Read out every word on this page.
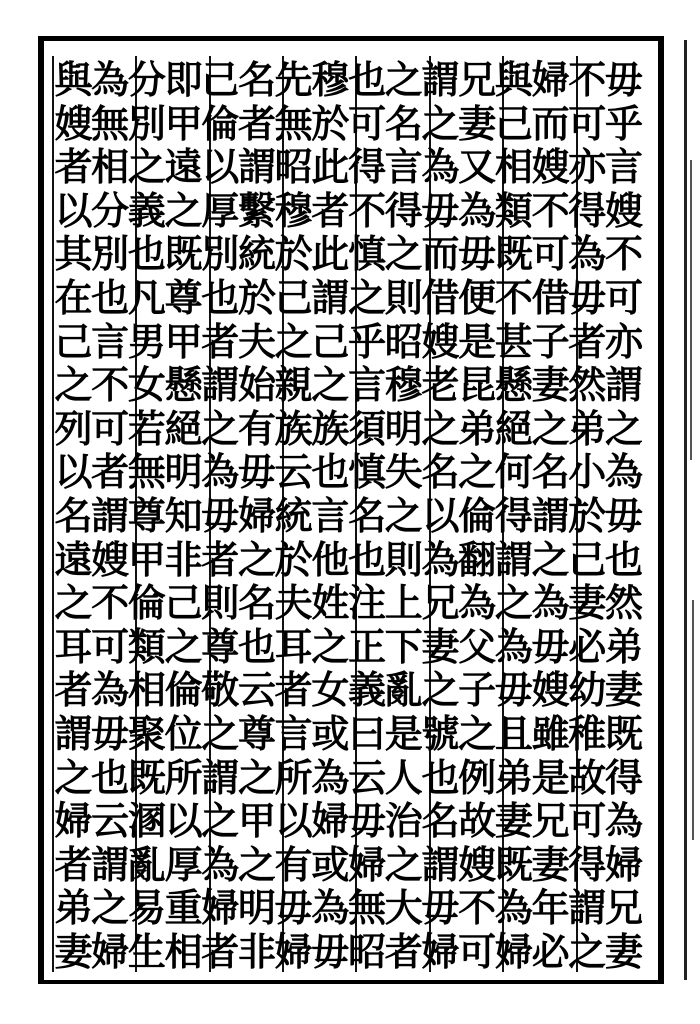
毋
乎
言
嫂
不
可
亦
謂
之
為
毋
也
然
弟
妻
既
得
為
婦
兄
妻
不
可
亦
得
為
毋
者
然
弟
小
於
己
妻
必
幼
稚
故
可
得
謂
之
婦
而
嫂
不
可
借
子
妻
之
名
謂
之
為
毋
嫂
雖
是
兄
妻
年
必
與
己
相
類
既
不
甚
懸
絕
何
得
謂
之
為
毋
且
弟
妻
既
為
婦
兄
妻
又
為
毋
便
是
昆
弟
之
倫
翻
為
父
子
之
例
故
嫂
不
可
謂
之
為
毋
而
借
嫂
老
之
名
以
為
兄
妻
之
號
也
名
謂
毋
婦
之
名
言
得
之
則
昭
穆
明
失
之
則
上
下
亂
是
人
治
之
大
者
也
可
得
不
慎
之
乎
言
須
慎
名
也
注
正
義
曰
云
毋
婦
無
昭
穆
於
此
者
此
謂
己
之
族
也
言
他
姓
之
女
或
為
婦
或
為
毋
先
無
昭
穆
於
己
之
親
族
云
統
於
夫
耳
者
言
所
以
有
毋
婦
名
者
謂
繫
統
於
夫
始
有
毋
婦
之
名
也
云
尊
之
甲
之
明
非
己
倫
以
厚
別
也
者
謂
之
為
毋
者
則
尊
敬
之
謂
之
為
婦
者
即
甲
遠
之
既
尊
甲
懸
絕
明
知
非
己
之
倫
位
所
以
厚
重
相
分
別
之
義
也
凡
男
女
若
無
尊
甲
倫
類
相
聚
既
溷
亂
易
生
為
無
相
分
別
也
言
不
可
者
謂
嫂
不
可
為
毋
也
云
謂
之
婦
與
嫂
者
以
其
在
己
之
列
以
名
遠
之
耳
者
謂
之
婦
者
弟
妻
